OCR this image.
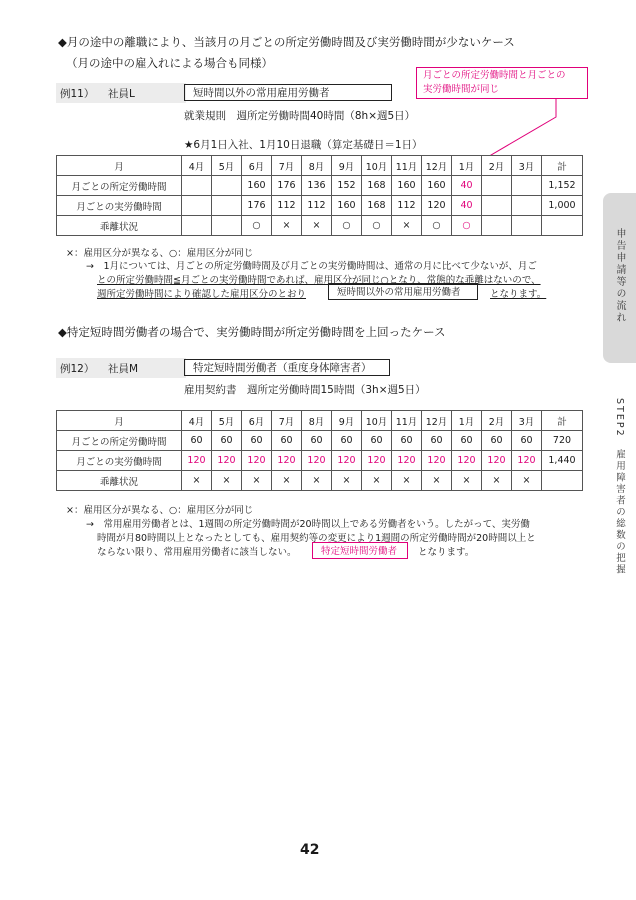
◆月の途中の離職により、当該月の月ごとの所定労働時間及び実労働時間が少ないケース
（月の途中の雇入れによる場合も同様）
月ごとの所定労働時間と月ごとの
実労働時間が同じ
例11） 社員L	短時間以外の常用雇用労働者
就業規則　週所定労働時間40時間（8h×週5日）
★6月1日入社、1月10日退職（算定基礎日＝1日）
月	4月	5月	6月	7月	8月	9月	10月	11月	12月	1月	2月	3月	計
月ごとの所定労働時間			160	176	136	152	168	160	160	40			1,152
月ごとの実労働時間			176	112	112	160	168	112	120	40			1,000
乖離状況			○	×	×	○	○	×	○	○			
×：雇用区分が異なる、○：雇用区分が同じ
→　1月については、月ごとの所定労働時間及び月ごとの実労働時間は、通常の月に比べて少ないが、月ご
との所定労働時間≦月ごとの実労働時間であれば、雇用区分が同じ○となり、常態的な乖離はないので、
週所定労働時間により確認した雇用区分のとおり	短時間以外の常用雇用労働者	となります。
◆特定短時間労働者の場合で、実労働時間が所定労働時間を上回ったケース
例12） 社員M	特定短時間労働者（重度身体障害者）
雇用契約書　週所定労働時間15時間（3h×週5日）
月	4月	5月	6月	7月	8月	9月	10月	11月	12月	1月	2月	3月	計
月ごとの所定労働時間	60	60	60	60	60	60	60	60	60	60	60	60	720
月ごとの実労働時間	120	120	120	120	120	120	120	120	120	120	120	120	1,440
乖離状況	×	×	×	×	×	×	×	×	×	×	×	×	
×：雇用区分が異なる、○：雇用区分が同じ
→　常用雇用労働者とは、1週間の所定労働時間が20時間以上である労働者をいう。したがって、実労働
時間が月80時間以上となったとしても、雇用契約等の変更により1週間の所定労働時間が20時間以上と
ならない限り、常用雇用労働者に該当しない。	特定短時間労働者	となります。
申告申請等の流れ
STEP2　雇用障害者の総数の把握
42
